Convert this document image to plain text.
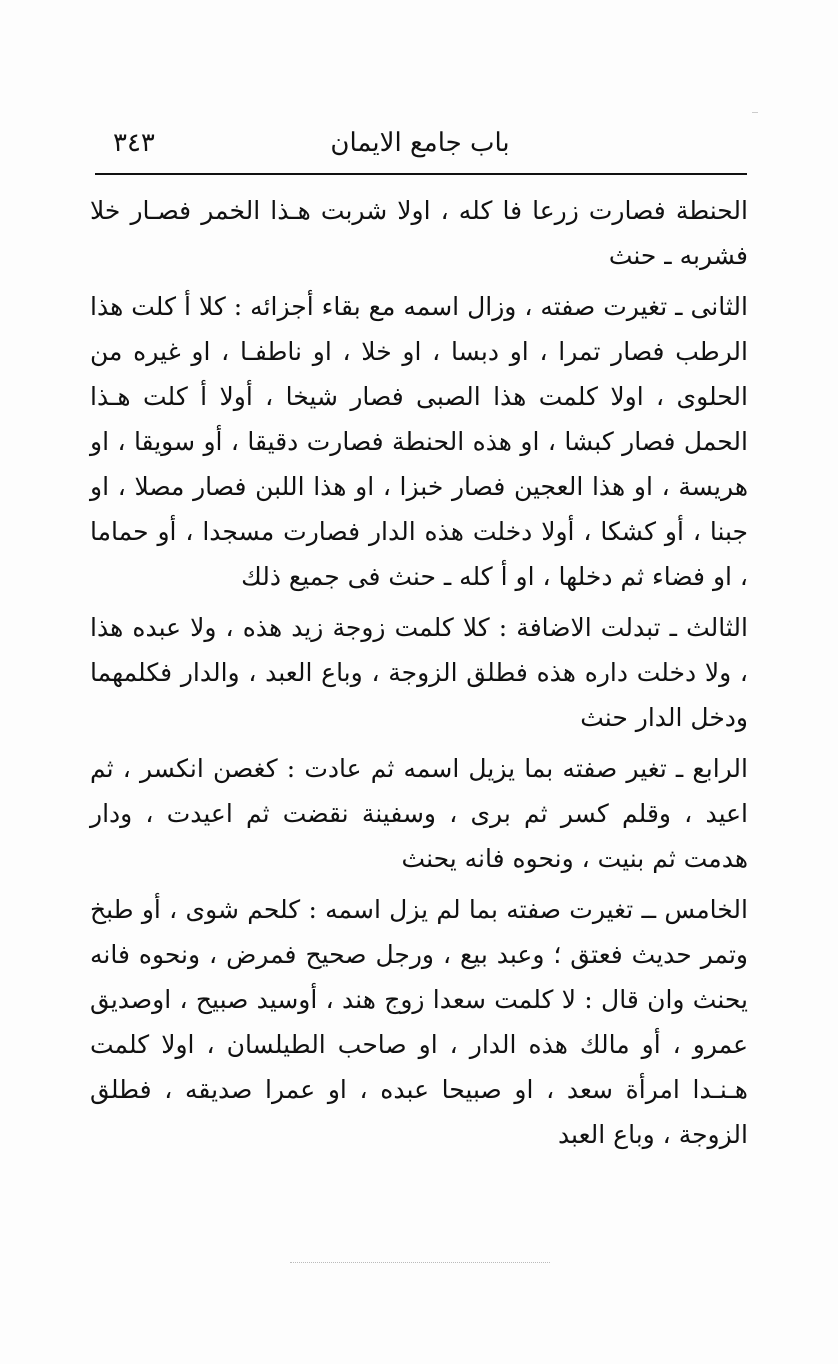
باب جامع الايمان
٣٤٣

الحنطة فصارت زرعا فا كله ، اولا شربت هـذا الخمر فصـار خلا فشربه ـ حنث

الثانى ـ تغيرت صفته ، وزال اسمه مع بقاء أجزائه : كلا أ كلت هذا الرطب فصار تمرا ، او دبسا ، او خلا ، او ناطفـا ، او غيره من الحلوى ، اولا كلمت هذا الصبى فصار شيخا ، أولا أ كلت هـذا الحمل فصار كبشا ، او هذه الحنطة فصارت دقيقا ، أو سويقا ، او هريسة ، او هذا العجين فصار خبزا ، او هذا اللبن فصار مصلا ، او جبنا ، أو كشكا ، أولا دخلت هذه الدار فصارت مسجدا ، أو حماما ، او فضاء ثم دخلها ، او أ كله ـ حنث فى جميع ذلك

الثالث ـ تبدلت الاضافة : كلا كلمت زوجة زيد هذه ، ولا عبده هذا ، ولا دخلت داره هذه فطلق الزوجة ، وباع العبد ، والدار فكلمهما ودخل الدار حنث

الرابع ـ تغير صفته بما يزيل اسمه ثم عادت : كغصن انكسر ، ثم اعيد ، وقلم كسر ثم برى ، وسفينة نقضت ثم اعيدت ، ودار هدمت ثم بنيت ، ونحوه فانه يحنث

الخامس ــ تغيرت صفته بما لم يزل اسمه : كلحم شوى ، أو طبخ وتمر حديث فعتق ؛ وعبد بيع ، ورجل صحيح فمرض ، ونحوه فانه يحنث وان قال : لا كلمت سعدا زوج هند ، أوسيد صبيح ، اوصديق عمرو ، أو مالك هذه الدار ، او صاحب الطيلسان ، اولا كلمت هـنـدا امرأة سعد ، او صبيحا عبده ، او عمرا صديقه ، فطلق الزوجة ، وباع العبد
